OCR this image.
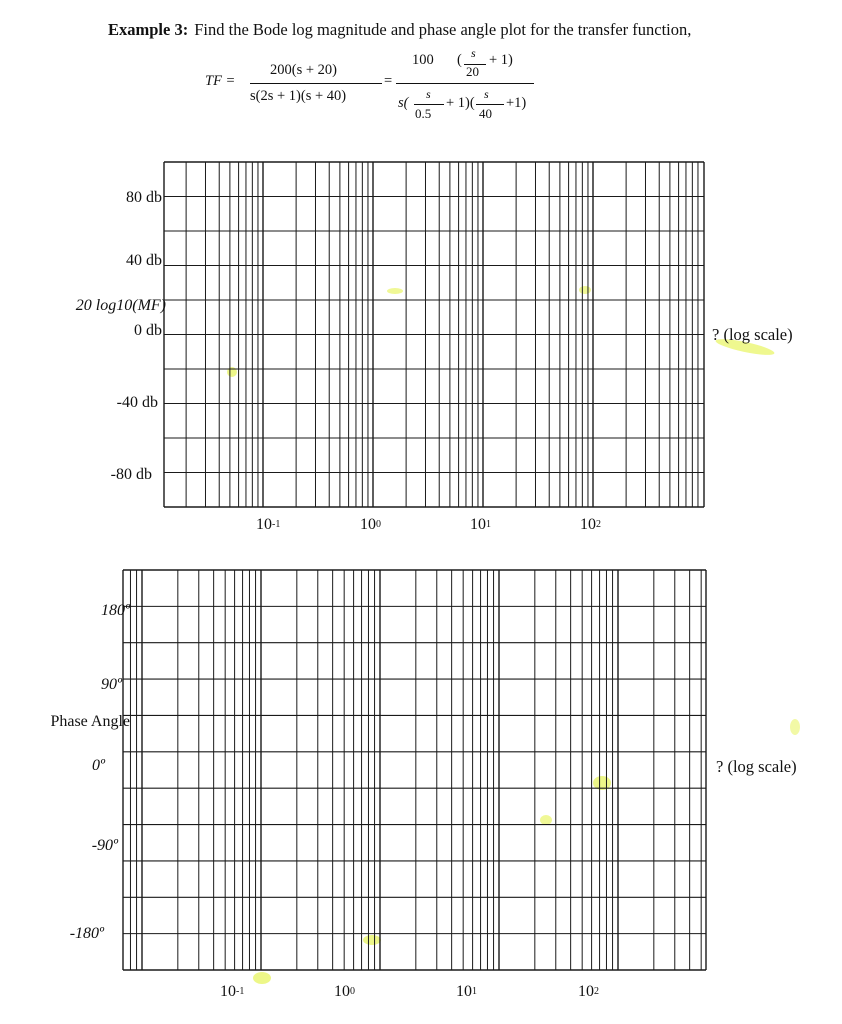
Example 3: Find the Bode log magnitude and phase angle plot for the transfer function,
TF =
200(s + 20)
s(2s + 1)(s + 40)
=
100 ( s
20
+ 1)
s(
s
0.5
+ 1)(
s
40
+1)
80 db
40 db
20 log10(MF)
0 db
-40 db
-80 db
$10^{-1}$	$10^0$	$10^1$	$10^2$
? (log scale)
180º
90º
Phase Angle
0º
-90º
-180º
$10^{-1}$	$10^0$	$10^1$	$10^2$
? (log scale)
